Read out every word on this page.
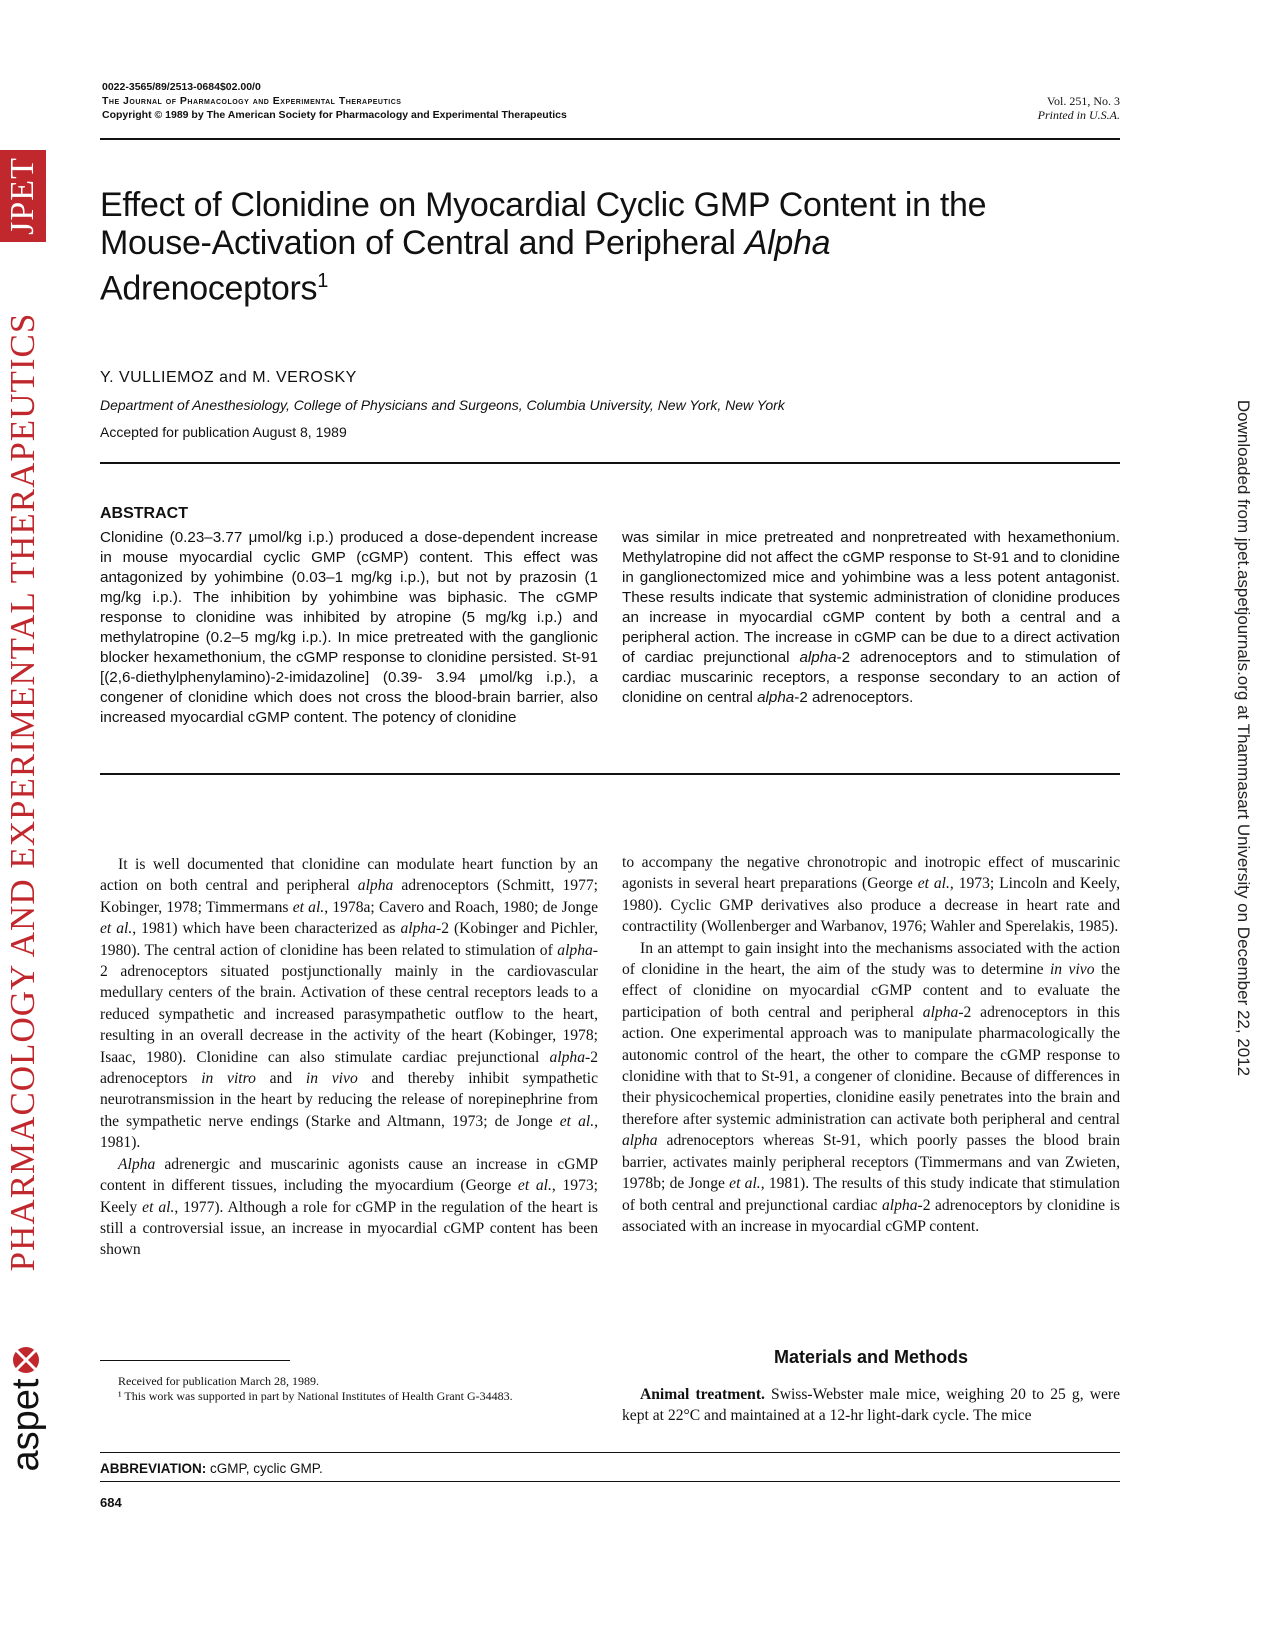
JPET
PHARMACOLOGY AND EXPERIMENTAL THERAPEUTICS
aspet
Downloaded from jpet.aspetjournals.org at Thammasart University on December 22, 2012
0022-3565/89/2513-0684$02.00/0
The Journal of Pharmacology and Experimental Therapeutics
Copyright © 1989 by The American Society for Pharmacology and Experimental Therapeutics
Vol. 251, No. 3
Printed in U.S.A.
Effect of Clonidine on Myocardial Cyclic GMP Content in the
Mouse-Activation of Central and Peripheral Alpha
Adrenoceptors$^1$
Y. VULLIEMOZ and M. VEROSKY
Department of Anesthesiology, College of Physicians and Surgeons, Columbia University, New York, New York
Accepted for publication August 8, 1989
ABSTRACT
Clonidine (0.23–3.77 μmol/kg i.p.) produced a dose-dependent increase in mouse myocardial cyclic GMP (cGMP) content. This effect was antagonized by yohimbine (0.03–1 mg/kg i.p.), but not by prazosin (1 mg/kg i.p.). The inhibition by yohimbine was biphasic. The cGMP response to clonidine was inhibited by atropine (5 mg/kg i.p.) and methylatropine (0.2–5 mg/kg i.p.). In mice pretreated with the ganglionic blocker hexamethonium, the cGMP response to clonidine persisted. St-91 [(2,6-diethylphenylamino)-2-imidazoline] (0.39- 3.94 μmol/kg i.p.), a congener of clonidine which does not cross the blood-brain barrier, also increased myocardial cGMP content. The potency of clonidine
was similar in mice pretreated and nonpretreated with hexamethonium. Methylatropine did not affect the cGMP response to St-91 and to clonidine in ganglionectomized mice and yohimbine was a less potent antagonist. These results indicate that systemic administration of clonidine produces an increase in myocardial cGMP content by both a central and a peripheral action. The increase in cGMP can be due to a direct activation of cardiac prejunctional alpha-2 adrenoceptors and to stimulation of cardiac muscarinic receptors, a response secondary to an action of clonidine on central alpha-2 adrenoceptors.

It is well documented that clonidine can modulate heart function by an action on both central and peripheral alpha adrenoceptors (Schmitt, 1977; Kobinger, 1978; Timmermans et al., 1978a; Cavero and Roach, 1980; de Jonge et al., 1981) which have been characterized as alpha-2 (Kobinger and Pichler, 1980). The central action of clonidine has been related to stimulation of alpha-2 adrenoceptors situated postjunctionally mainly in the cardiovascular medullary centers of the brain. Activation of these central receptors leads to a reduced sympathetic and increased parasympathetic outflow to the heart, resulting in an overall decrease in the activity of the heart (Kobinger, 1978; Isaac, 1980). Clonidine can also stimulate cardiac prejunctional alpha-2 adrenoceptors in vitro and in vivo and thereby inhibit sympathetic neurotransmission in the heart by reducing the release of norepinephrine from the sympathetic nerve endings (Starke and Altmann, 1973; de Jonge et al., 1981).

Alpha adrenergic and muscarinic agonists cause an increase in cGMP content in different tissues, including the myocardium (George et al., 1973; Keely et al., 1977). Although a role for cGMP in the regulation of the heart is still a controversial issue, an increase in myocardial cGMP content has been shown

to accompany the negative chronotropic and inotropic effect of muscarinic agonists in several heart preparations (George et al., 1973; Lincoln and Keely, 1980). Cyclic GMP derivatives also produce a decrease in heart rate and contractility (Wollenberger and Warbanov, 1976; Wahler and Sperelakis, 1985).

In an attempt to gain insight into the mechanisms associated with the action of clonidine in the heart, the aim of the study was to determine in vivo the effect of clonidine on myocardial cGMP content and to evaluate the participation of both central and peripheral alpha-2 adrenoceptors in this action. One experimental approach was to manipulate pharmacologically the autonomic control of the heart, the other to compare the cGMP response to clonidine with that to St-91, a congener of clonidine. Because of differences in their physicochemical properties, clonidine easily penetrates into the brain and therefore after systemic administration can activate both peripheral and central alpha adrenoceptors whereas St-91, which poorly passes the blood brain barrier, activates mainly peripheral receptors (Timmermans and van Zwieten, 1978b; de Jonge et al., 1981). The results of this study indicate that stimulation of both central and prejunctional cardiac alpha-2 adrenoceptors by clonidine is associated with an increase in myocardial cGMP content.

Materials and Methods

Animal treatment. Swiss-Webster male mice, weighing 20 to 25 g, were kept at 22°C and maintained at a 12-hr light-dark cycle. The mice

Received for publication March 28, 1989.
¹ This work was supported in part by National Institutes of Health Grant G-34483.
ABBREVIATION: cGMP, cyclic GMP.
684
